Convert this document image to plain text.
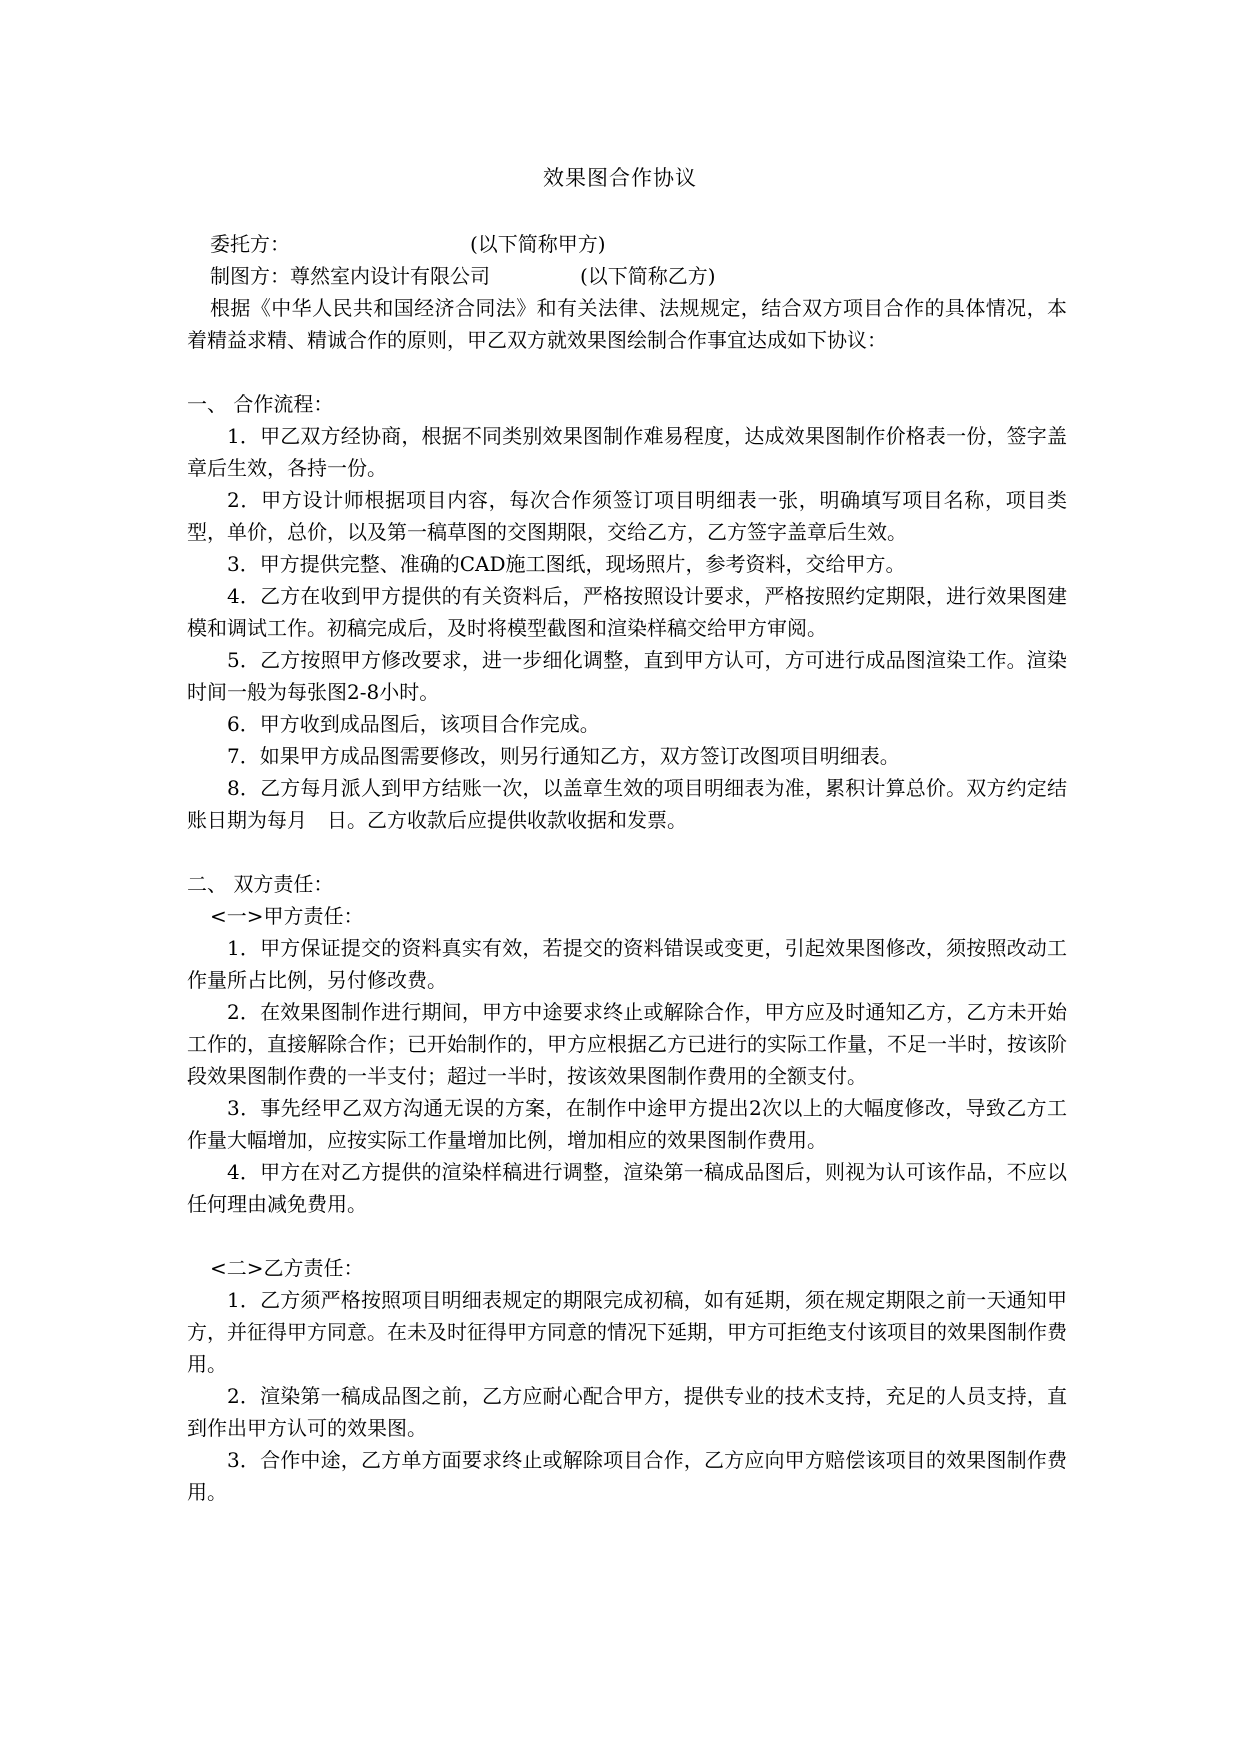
效果图合作协议
委托方：	(以下简称甲方)
制图方：尊然室内设计有限公司	(以下简称乙方)

根据《中华人民共和国经济合同法》和有关法律、法规规定，结合双方项目合作的具体情况，本着精益求精、精诚合作的原则，甲乙双方就效果图绘制合作事宜达成如下协议：

一、 合作流程：

1．甲乙双方经协商，根据不同类别效果图制作难易程度，达成效果图制作价格表一份，签字盖章后生效，各持一份。

2．甲方设计师根据项目内容，每次合作须签订项目明细表一张，明确填写项目名称，项目类型，单价，总价，以及第一稿草图的交图期限，交给乙方，乙方签字盖章后生效。

3．甲方提供完整、准确的CAD施工图纸，现场照片，参考资料，交给甲方。

4．乙方在收到甲方提供的有关资料后，严格按照设计要求，严格按照约定期限，进行效果图建模和调试工作。初稿完成后，及时将模型截图和渲染样稿交给甲方审阅。

5．乙方按照甲方修改要求，进一步细化调整，直到甲方认可，方可进行成品图渲染工作。渲染时间一般为每张图2-8小时。

6．甲方收到成品图后，该项目合作完成。

7．如果甲方成品图需要修改，则另行通知乙方，双方签订改图项目明细表。

8．乙方每月派人到甲方结账一次，以盖章生效的项目明细表为准，累积计算总价。双方约定结账日期为每月　日。乙方收款后应提供收款收据和发票。

二、 双方责任：

<一>甲方责任：

1．甲方保证提交的资料真实有效，若提交的资料错误或变更，引起效果图修改，须按照改动工作量所占比例，另付修改费。

2．在效果图制作进行期间，甲方中途要求终止或解除合作，甲方应及时通知乙方，乙方未开始工作的，直接解除合作；已开始制作的，甲方应根据乙方已进行的实际工作量，不足一半时，按该阶段效果图制作费的一半支付；超过一半时，按该效果图制作费用的全额支付。

3．事先经甲乙双方沟通无误的方案，在制作中途甲方提出2次以上的大幅度修改，导致乙方工作量大幅增加，应按实际工作量增加比例，增加相应的效果图制作费用。

4．甲方在对乙方提供的渲染样稿进行调整，渲染第一稿成品图后，则视为认可该作品，不应以任何理由减免费用。

<二>乙方责任：

1．乙方须严格按照项目明细表规定的期限完成初稿，如有延期，须在规定期限之前一天通知甲方，并征得甲方同意。在未及时征得甲方同意的情况下延期，甲方可拒绝支付该项目的效果图制作费用。

2．渲染第一稿成品图之前，乙方应耐心配合甲方，提供专业的技术支持，充足的人员支持，直到作出甲方认可的效果图。

3．合作中途，乙方单方面要求终止或解除项目合作，乙方应向甲方赔偿该项目的效果图制作费用。
